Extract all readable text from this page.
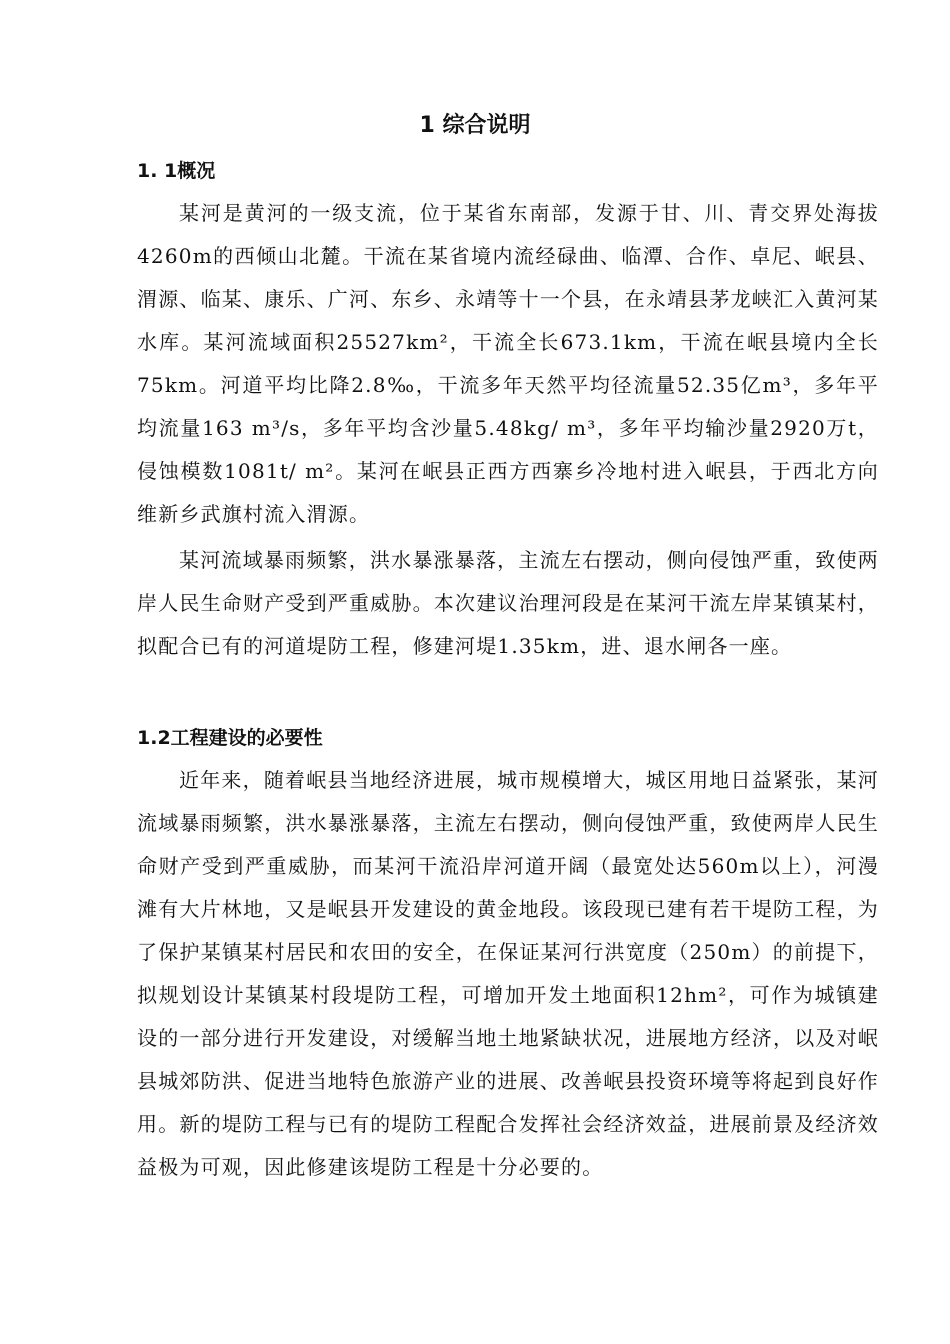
1 综合说明
1. 1概况

某河是黄河的一级支流，位于某省东南部，发源于甘、川、青交界处海拔4260m的西倾山北麓。干流在某省境内流经碌曲、临潭、合作、卓尼、岷县、渭源、临某、康乐、广河、东乡、永靖等十一个县，在永靖县茅龙峡汇入黄河某水库。某河流域面积25527km²，干流全长673.1km，干流在岷县境内全长75km。河道平均比降2.8‰，干流多年天然平均径流量52.35亿m³，多年平均流量163 m³/s，多年平均含沙量5.48kg/ m³，多年平均输沙量2920万t，侵蚀模数1081t/ m²。某河在岷县正西方西寨乡冷地村进入岷县，于西北方向维新乡武旗村流入渭源。

某河流域暴雨频繁，洪水暴涨暴落，主流左右摆动，侧向侵蚀严重，致使两岸人民生命财产受到严重威胁。本次建议治理河段是在某河干流左岸某镇某村，拟配合已有的河道堤防工程，修建河堤1.35km，进、退水闸各一座。

1.2工程建设的必要性

近年来，随着岷县当地经济进展，城市规模增大，城区用地日益紧张，某河流域暴雨频繁，洪水暴涨暴落，主流左右摆动，侧向侵蚀严重，致使两岸人民生命财产受到严重威胁，而某河干流沿岸河道开阔（最宽处达560m以上），河漫滩有大片林地，又是岷县开发建设的黄金地段。该段现已建有若干堤防工程，为了保护某镇某村居民和农田的安全，在保证某河行洪宽度（250m）的前提下，拟规划设计某镇某村段堤防工程，可增加开发土地面积12hm²，可作为城镇建设的一部分进行开发建设，对缓解当地土地紧缺状况，进展地方经济，以及对岷县城郊防洪、促进当地特色旅游产业的进展、改善岷县投资环境等将起到良好作用。新的堤防工程与已有的堤防工程配合发挥社会经济效益，进展前景及经济效益极为可观，因此修建该堤防工程是十分必要的。
